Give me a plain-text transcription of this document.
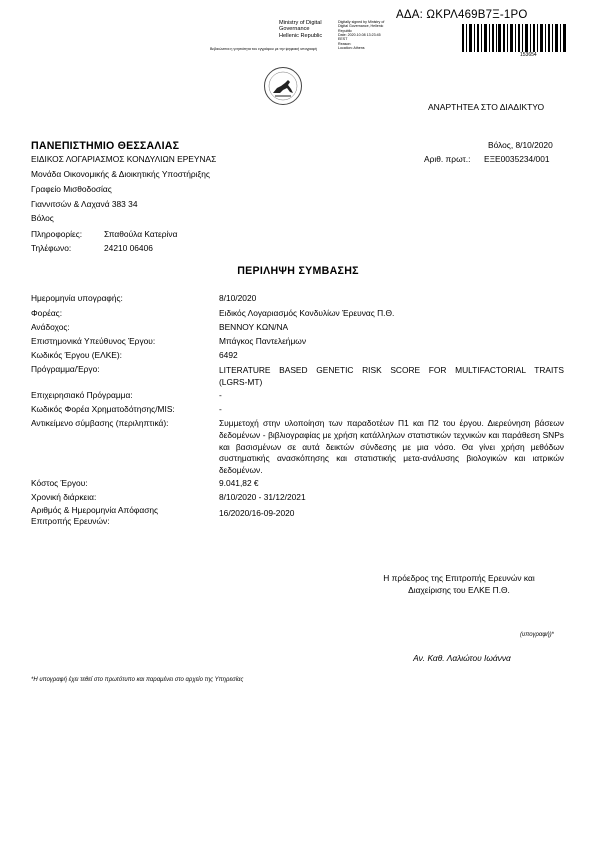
ΑΔΑ: ΩΚΡΛ469Β7Ξ-1ΡΟ
153654
Ministry of Digital
Governance
Hellenic Republic
Digitally signed by Ministry of
Digital Governance, Hellenic
Republic
Date: 2020.10.08 13:23:45
EEST
Reason:
Location: Athens
Βεβαιώνεται η γνησιότητα του εγγράφου με την ψηφιακή υπογραφή
ΑΝΑΡΤΗΤΕΑ ΣΤΟ ΔΙΑΔΙΚΤΥΟ
ΠΑΝΕΠΙΣΤΗΜΙΟ ΘΕΣΣΑΛΙΑΣ
ΕΙΔΙΚΟΣ ΛΟΓΑΡΙΑΣΜΟΣ ΚΟΝΔΥΛΙΩΝ ΕΡΕΥΝΑΣ
Μονάδα Οικονομικής & Διοικητικής Υποστήριξης
Γραφείο Μισθοδοσίας
Γιαννιτσών & Λαχανά 383 34
Βόλος
Βόλος, 8/10/2020
Αριθ. πρωτ.: ΕΞΕ0035234/001
Πληροφορίες:	Σπαθούλα Κατερίνα
Τηλέφωνο:	24210 06406
ΠΕΡΙΛΗΨΗ ΣΥΜΒΑΣΗΣ
Ημερομηνία υπογραφής:	8/10/2020
Φορέας:	Ειδικός Λογαριασμός Κονδυλίων Έρευνας Π.Θ.
Ανάδοχος:	ΒΕΝΝΟΥ ΚΩΝ/ΝΑ
Επιστημονικά Υπεύθυνος Έργου:	Μπάγκος Παντελεήμων
Κωδικός Έργου (ΕΛΚΕ):	6492
Πρόγραμμα/Έργο:	LITERATURE BASED GENETIC RISK SCORE FOR MULTIFACTORIAL TRAITS (LGRS-MT)
Επιχειρησιακό Πρόγραμμα:	-
Κωδικός Φορέα Χρηματοδότησης/MIS:	-
Αντικείμενο σύμβασης (περιληπτικά):	Συμμετοχή στην υλοποίηση των παραδοτέων Π1 και Π2 του έργου. Διερεύνηση βάσεων δεδομένων - βιβλιογραφίας με χρήση κατάλληλων στατιστικών τεχνικών και παράθεση SNPs και βασισμένων σε αυτά δεικτών σύνδεσης με μια νόσο. Θα γίνει χρήση μεθόδων συστηματικής ανασκόπησης και στατιστικής μετα-ανάλυσης βιολογικών και ιατρικών δεδομένων.
Κόστος Έργου:	9.041,82 €
Χρονική διάρκεια:	8/10/2020 - 31/12/2021
Αριθμός & Ημερομηνία Απόφασης
Επιτροπής Ερευνών:
16/2020/16-09-2020
Η πρόεδρος της Επιτροπής Ερευνών και
Διαχείρισης του ΕΛΚΕ Π.Θ.
(υπογραφή)*
Αν. Καθ. Λαλιώτου Ιωάννα
*Η υπογραφή έχει τεθεί στο πρωτότυπο και παραμένει στο αρχείο της Υπηρεσίας
